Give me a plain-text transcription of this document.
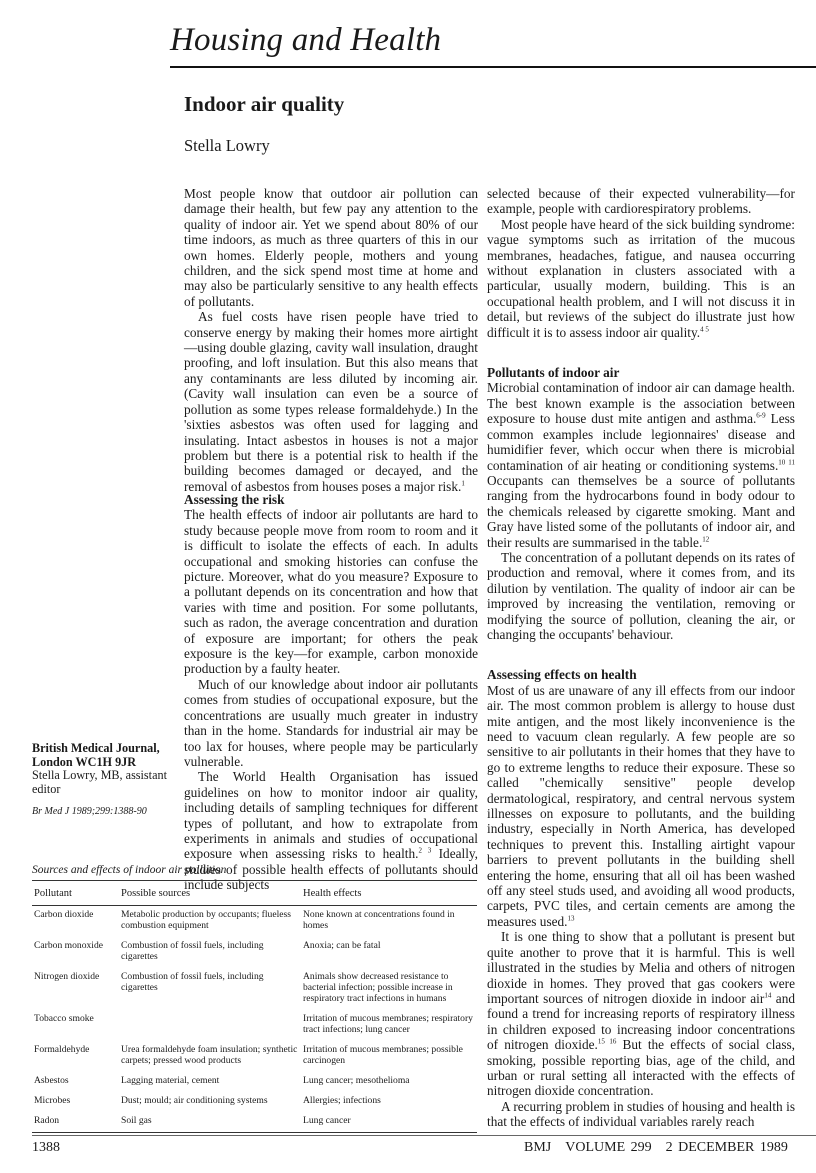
Housing and Health
Indoor air quality
Stella Lowry

Most people know that outdoor air pollution can damage their health, but few pay any attention to the quality of indoor air. Yet we spend about 80% of our time indoors, as much as three quarters of this in our own homes. Elderly people, mothers and young children, and the sick spend most time at home and may also be particularly sensitive to any health effects of pollutants.

As fuel costs have risen people have tried to conserve energy by making their homes more airtight—using double glazing, cavity wall insulation, draught proofing, and loft insulation. But this also means that any contaminants are less diluted by incoming air. (Cavity wall insulation can even be a source of pollution as some types release formaldehyde.) In the 'sixties asbestos was often used for lagging and insulating. Intact asbestos in houses is not a major problem but there is a potential risk to health if the building becomes damaged or decayed, and the removal of asbestos from houses poses a major risk.$^1$

Assessing the risk

The health effects of indoor air pollutants are hard to study because people move from room to room and it is difficult to isolate the effects of each. In adults occupational and smoking histories can confuse the picture. Moreover, what do you measure? Exposure to a pollutant depends on its concentration and how that varies with time and position. For some pollutants, such as radon, the average concentration and duration of exposure are important; for others the peak exposure is the key—for example, carbon monoxide production by a faulty heater.

Much of our knowledge about indoor air pollutants comes from studies of occupational exposure, but the concentrations are usually much greater in industry than in the home. Standards for industrial air may be too lax for houses, where people may be particularly vulnerable.

The World Health Organisation has issued guidelines on how to monitor indoor air quality, including details of sampling techniques for different types of pollutant, and how to extrapolate from experiments in animals and studies of occupational exposure when assessing risks to health.$^{2 3}$ Ideally, studies of possible health effects of pollutants should include subjects

selected because of their expected vulnerability—for example, people with cardiorespiratory problems.

Most people have heard of the sick building syndrome: vague symptoms such as irritation of the mucous membranes, headaches, fatigue, and nausea occurring without explanation in clusters associated with a particular, usually modern, building. This is an occupational health problem, and I will not discuss it in detail, but reviews of the subject do illustrate just how difficult it is to assess indoor air quality.$^{4 5}$

Pollutants of indoor air

Microbial contamination of indoor air can damage health. The best known example is the association between exposure to house dust mite antigen and asthma.$^{6-9}$ Less common examples include legionnaires' disease and humidifier fever, which occur when there is microbial contamination of air heating or conditioning systems.$^{10 11}$ Occupants can themselves be a source of pollutants ranging from the hydrocarbons found in body odour to the chemicals released by cigarette smoking. Mant and Gray have listed some of the pollutants of indoor air, and their results are summarised in the table.$^{12}$

The concentration of a pollutant depends on its rates of production and removal, where it comes from, and its dilution by ventilation. The quality of indoor air can be improved by increasing the ventilation, removing or modifying the source of pollution, cleaning the air, or changing the occupants' behaviour.

Assessing effects on health

Most of us are unaware of any ill effects from our indoor air. The most common problem is allergy to house dust mite antigen, and the most likely inconvenience is the need to vacuum clean regularly. A few people are so sensitive to air pollutants in their homes that they have to go to extreme lengths to reduce their exposure. These so called "chemically sensitive" people develop dermatological, respiratory, and central nervous system illnesses on exposure to pollutants, and the building industry, especially in North America, has developed techniques to prevent this. Installing airtight vapour barriers to prevent pollutants in the building shell entering the home, ensuring that all oil has been washed off any steel studs used, and avoiding all wood products, carpets, PVC tiles, and certain cements are among the measures used.$^{13}$

It is one thing to show that a pollutant is present but quite another to prove that it is harmful. This is well illustrated in the studies by Melia and others of nitrogen dioxide in homes. They proved that gas cookers were important sources of nitrogen dioxide in indoor air$^{14}$ and found a trend for increasing reports of respiratory illness in children exposed to increasing indoor concentrations of nitrogen dioxide.$^{15 16}$ But the effects of social class, smoking, possible reporting bias, age of the child, and urban or rural setting all interacted with the effects of nitrogen dioxide concentration.

A recurring problem in studies of housing and health is that the effects of individual variables rarely reach

British Medical Journal,
London WC1H 9JR
Stella Lowry, MB, assistant editor
Br Med J 1989;299:1388-90
Sources and effects of indoor air pollution
Pollutant	Possible sources	Health effects
Carbon dioxide	Metabolic production by occupants; flueless combustion equipment	None known at concentrations found in homes
Carbon monoxide	Combustion of fossil fuels, including cigarettes	Anoxia; can be fatal
Nitrogen dioxide	Combustion of fossil fuels, including cigarettes	Animals show decreased resistance to bacterial infection; possible increase in respiratory tract infections in humans
Tobacco smoke		Irritation of mucous membranes; respiratory tract infections; lung cancer
Formaldehyde	Urea formaldehyde foam insulation; synthetic carpets; pressed wood products	Irritation of mucous membranes; possible carcinogen
Asbestos	Lagging material, cement	Lung cancer; mesothelioma
Microbes	Dust; mould; air conditioning systems	Allergies; infections
Radon	Soil gas	Lung cancer
1388	BMJ VOLUME 299 2 DECEMBER 1989
